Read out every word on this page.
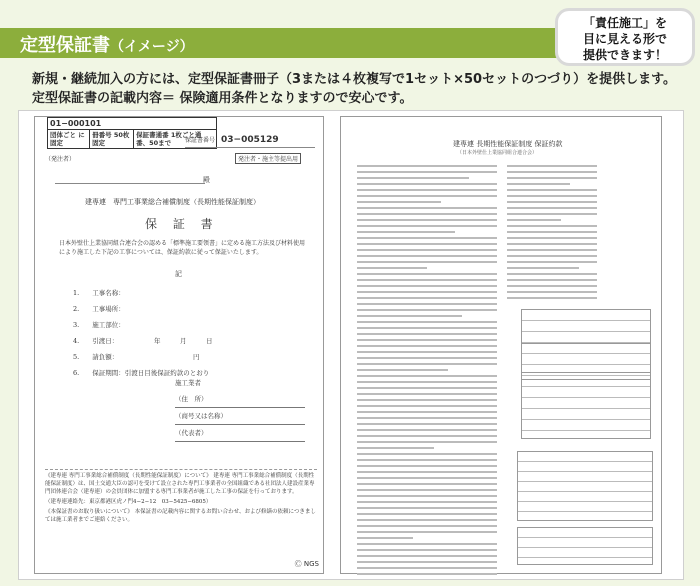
定型保証書（イメージ）
「責任施工」を
目に見える形で
提供できます！
新規・継続加入の方には、定型保証書冊子（3または４枚複写で1セット×50セットのつづり）を提供します。
定型保証書の記載内容＝ 保険適用条件となりますので安心です。
01−000101
団体ごと に固定
冊番号 50枚固定
保証書通番 1枚ごと通番、50まで	保証書番号 03−005129
（発注者）	発注者・施主等提出用
殿
建専連　専門工事業総合補償制度（長期性能保証制度）
保 証 書
日本外壁仕上業協同組合連合会の認める「標準施工要領書」に定める施工方法及び材料使用により施工した下記の工事については、保証約款に従って保証いたします。
記
1.　　工事名称：
2.　　工事場所：
3.　　施工部位：
4.　　引渡日：　　　　　　年　　　月　　　日
5.　　請負額：　　　　　　　　　　　　円
6.　　保証期間：引渡日目後保証約款のとおり
施工業者
（住　所）
（商号又は名称）
（代表者）

《建専連 専門工事業総合補償制度（長期性能保証制度）について》 建専連 専門工事業総合補償制度（長期性能保証制度）は、国土交通大臣の認可を受けて設立された専門工事業者の全国組織である社団法人建設産業専門団体連合会（建専連）の会員団体に加盟する専門工事業者が施工した工事の保証を行っております。

（建専連連絡先：東京都港区虎ノ門4−2−12　03−5425−6805）

《本保証書のお取り扱いについて》 本保証書の記載内容に関するお問い合わせ、および修繕の依頼につきましては施工業者までご連絡ください。

Ⓒ NGS
建専連 長期性能保証制度 保証約款
（日本外壁仕上業協同組合連合会）
